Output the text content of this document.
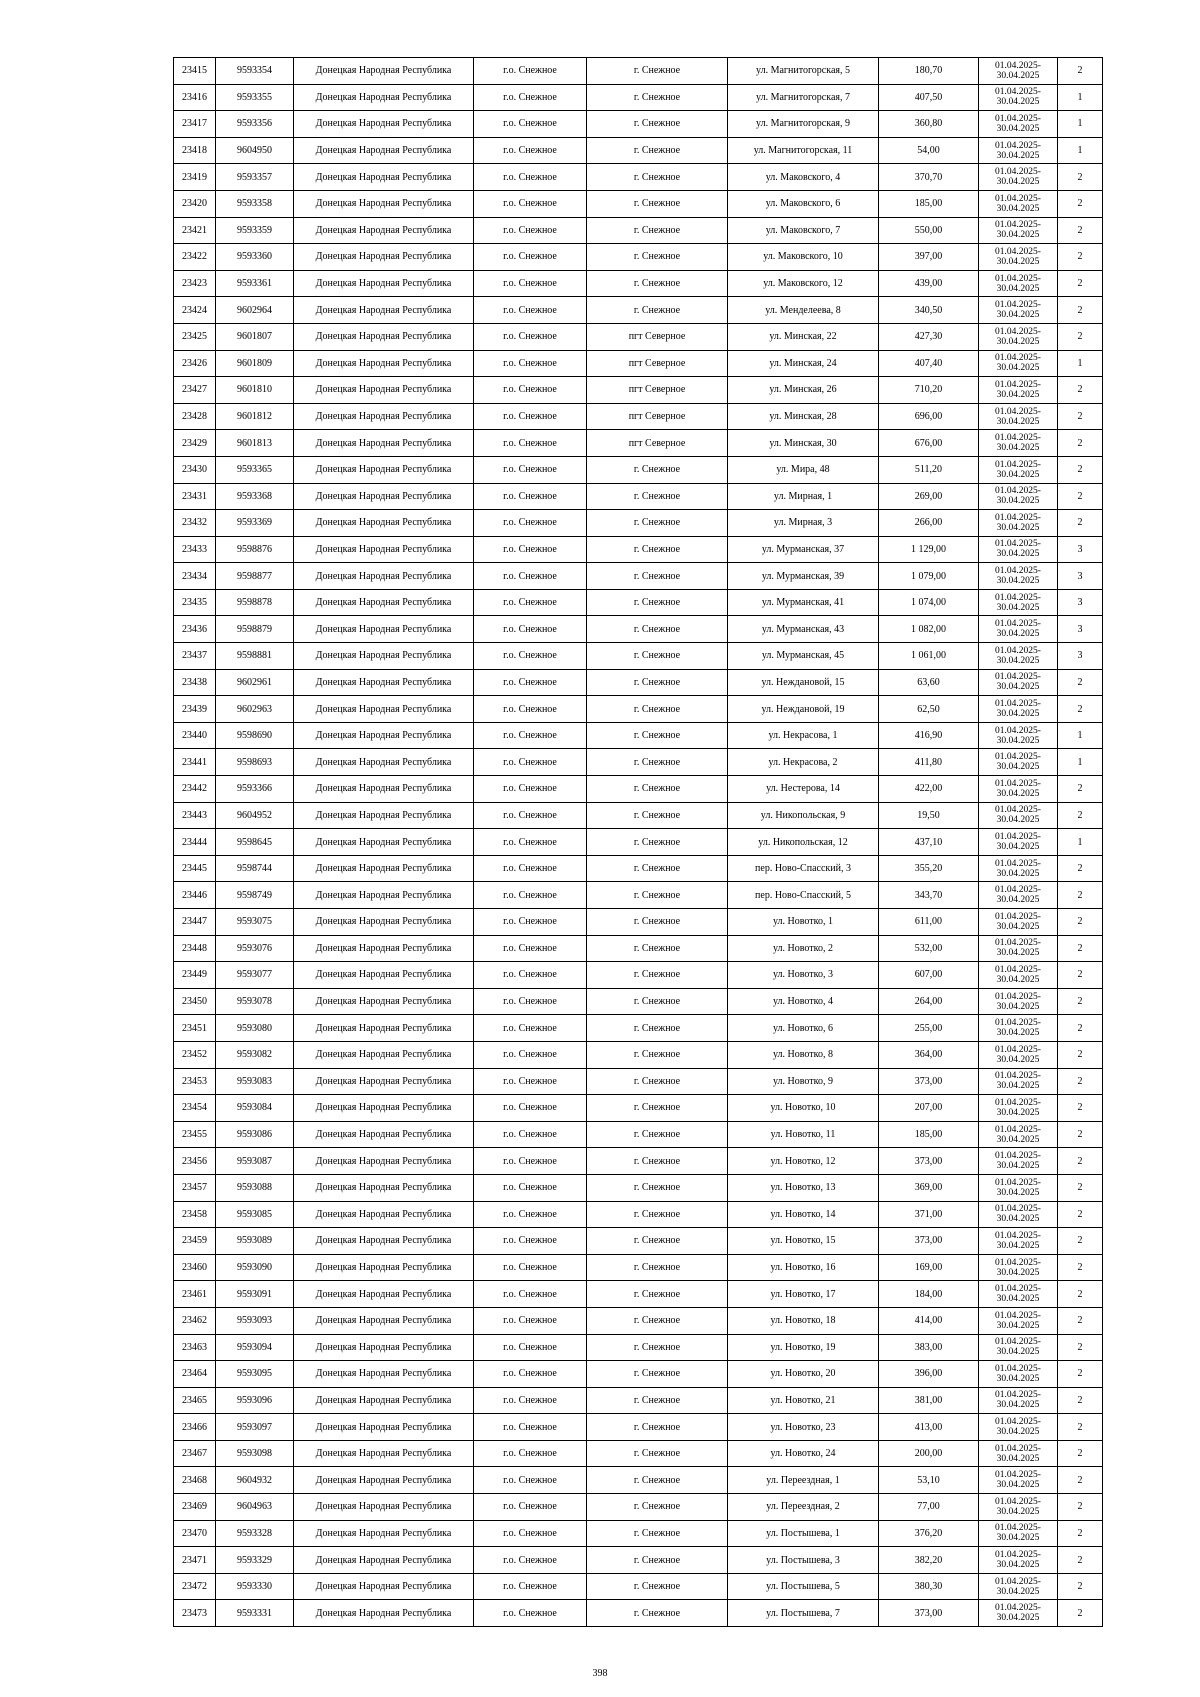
23415	9593354	Донецкая Народная Республика	г.о. Снежное	г. Снежное	ул. Магнитогорская, 5	180,70	01.04.2025-30.04.2025	2
23416	9593355	Донецкая Народная Республика	г.о. Снежное	г. Снежное	ул. Магнитогорская, 7	407,50	01.04.2025-30.04.2025	1
23417	9593356	Донецкая Народная Республика	г.о. Снежное	г. Снежное	ул. Магнитогорская, 9	360,80	01.04.2025-30.04.2025	1
23418	9604950	Донецкая Народная Республика	г.о. Снежное	г. Снежное	ул. Магнитогорская, 11	54,00	01.04.2025-30.04.2025	1
23419	9593357	Донецкая Народная Республика	г.о. Снежное	г. Снежное	ул. Маковского, 4	370,70	01.04.2025-30.04.2025	2
23420	9593358	Донецкая Народная Республика	г.о. Снежное	г. Снежное	ул. Маковского, 6	185,00	01.04.2025-30.04.2025	2
23421	9593359	Донецкая Народная Республика	г.о. Снежное	г. Снежное	ул. Маковского, 7	550,00	01.04.2025-30.04.2025	2
23422	9593360	Донецкая Народная Республика	г.о. Снежное	г. Снежное	ул. Маковского, 10	397,00	01.04.2025-30.04.2025	2
23423	9593361	Донецкая Народная Республика	г.о. Снежное	г. Снежное	ул. Маковского, 12	439,00	01.04.2025-30.04.2025	2
23424	9602964	Донецкая Народная Республика	г.о. Снежное	г. Снежное	ул. Менделеева, 8	340,50	01.04.2025-30.04.2025	2
23425	9601807	Донецкая Народная Республика	г.о. Снежное	пгт Северное	ул. Минская, 22	427,30	01.04.2025-30.04.2025	2
23426	9601809	Донецкая Народная Республика	г.о. Снежное	пгт Северное	ул. Минская, 24	407,40	01.04.2025-30.04.2025	1
23427	9601810	Донецкая Народная Республика	г.о. Снежное	пгт Северное	ул. Минская, 26	710,20	01.04.2025-30.04.2025	2
23428	9601812	Донецкая Народная Республика	г.о. Снежное	пгт Северное	ул. Минская, 28	696,00	01.04.2025-30.04.2025	2
23429	9601813	Донецкая Народная Республика	г.о. Снежное	пгт Северное	ул. Минская, 30	676,00	01.04.2025-30.04.2025	2
23430	9593365	Донецкая Народная Республика	г.о. Снежное	г. Снежное	ул. Мира, 48	511,20	01.04.2025-30.04.2025	2
23431	9593368	Донецкая Народная Республика	г.о. Снежное	г. Снежное	ул. Мирная, 1	269,00	01.04.2025-30.04.2025	2
23432	9593369	Донецкая Народная Республика	г.о. Снежное	г. Снежное	ул. Мирная, 3	266,00	01.04.2025-30.04.2025	2
23433	9598876	Донецкая Народная Республика	г.о. Снежное	г. Снежное	ул. Мурманская, 37	1 129,00	01.04.2025-30.04.2025	3
23434	9598877	Донецкая Народная Республика	г.о. Снежное	г. Снежное	ул. Мурманская, 39	1 079,00	01.04.2025-30.04.2025	3
23435	9598878	Донецкая Народная Республика	г.о. Снежное	г. Снежное	ул. Мурманская, 41	1 074,00	01.04.2025-30.04.2025	3
23436	9598879	Донецкая Народная Республика	г.о. Снежное	г. Снежное	ул. Мурманская, 43	1 082,00	01.04.2025-30.04.2025	3
23437	9598881	Донецкая Народная Республика	г.о. Снежное	г. Снежное	ул. Мурманская, 45	1 061,00	01.04.2025-30.04.2025	3
23438	9602961	Донецкая Народная Республика	г.о. Снежное	г. Снежное	ул. Неждановой, 15	63,60	01.04.2025-30.04.2025	2
23439	9602963	Донецкая Народная Республика	г.о. Снежное	г. Снежное	ул. Неждановой, 19	62,50	01.04.2025-30.04.2025	2
23440	9598690	Донецкая Народная Республика	г.о. Снежное	г. Снежное	ул. Некрасова, 1	416,90	01.04.2025-30.04.2025	1
23441	9598693	Донецкая Народная Республика	г.о. Снежное	г. Снежное	ул. Некрасова, 2	411,80	01.04.2025-30.04.2025	1
23442	9593366	Донецкая Народная Республика	г.о. Снежное	г. Снежное	ул. Нестерова, 14	422,00	01.04.2025-30.04.2025	2
23443	9604952	Донецкая Народная Республика	г.о. Снежное	г. Снежное	ул. Никопольская, 9	19,50	01.04.2025-30.04.2025	2
23444	9598645	Донецкая Народная Республика	г.о. Снежное	г. Снежное	ул. Никопольская, 12	437,10	01.04.2025-30.04.2025	1
23445	9598744	Донецкая Народная Республика	г.о. Снежное	г. Снежное	пер. Ново-Спасский, 3	355,20	01.04.2025-30.04.2025	2
23446	9598749	Донецкая Народная Республика	г.о. Снежное	г. Снежное	пер. Ново-Спасский, 5	343,70	01.04.2025-30.04.2025	2
23447	9593075	Донецкая Народная Республика	г.о. Снежное	г. Снежное	ул. Новотко, 1	611,00	01.04.2025-30.04.2025	2
23448	9593076	Донецкая Народная Республика	г.о. Снежное	г. Снежное	ул. Новотко, 2	532,00	01.04.2025-30.04.2025	2
23449	9593077	Донецкая Народная Республика	г.о. Снежное	г. Снежное	ул. Новотко, 3	607,00	01.04.2025-30.04.2025	2
23450	9593078	Донецкая Народная Республика	г.о. Снежное	г. Снежное	ул. Новотко, 4	264,00	01.04.2025-30.04.2025	2
23451	9593080	Донецкая Народная Республика	г.о. Снежное	г. Снежное	ул. Новотко, 6	255,00	01.04.2025-30.04.2025	2
23452	9593082	Донецкая Народная Республика	г.о. Снежное	г. Снежное	ул. Новотко, 8	364,00	01.04.2025-30.04.2025	2
23453	9593083	Донецкая Народная Республика	г.о. Снежное	г. Снежное	ул. Новотко, 9	373,00	01.04.2025-30.04.2025	2
23454	9593084	Донецкая Народная Республика	г.о. Снежное	г. Снежное	ул. Новотко, 10	207,00	01.04.2025-30.04.2025	2
23455	9593086	Донецкая Народная Республика	г.о. Снежное	г. Снежное	ул. Новотко, 11	185,00	01.04.2025-30.04.2025	2
23456	9593087	Донецкая Народная Республика	г.о. Снежное	г. Снежное	ул. Новотко, 12	373,00	01.04.2025-30.04.2025	2
23457	9593088	Донецкая Народная Республика	г.о. Снежное	г. Снежное	ул. Новотко, 13	369,00	01.04.2025-30.04.2025	2
23458	9593085	Донецкая Народная Республика	г.о. Снежное	г. Снежное	ул. Новотко, 14	371,00	01.04.2025-30.04.2025	2
23459	9593089	Донецкая Народная Республика	г.о. Снежное	г. Снежное	ул. Новотко, 15	373,00	01.04.2025-30.04.2025	2
23460	9593090	Донецкая Народная Республика	г.о. Снежное	г. Снежное	ул. Новотко, 16	169,00	01.04.2025-30.04.2025	2
23461	9593091	Донецкая Народная Республика	г.о. Снежное	г. Снежное	ул. Новотко, 17	184,00	01.04.2025-30.04.2025	2
23462	9593093	Донецкая Народная Республика	г.о. Снежное	г. Снежное	ул. Новотко, 18	414,00	01.04.2025-30.04.2025	2
23463	9593094	Донецкая Народная Республика	г.о. Снежное	г. Снежное	ул. Новотко, 19	383,00	01.04.2025-30.04.2025	2
23464	9593095	Донецкая Народная Республика	г.о. Снежное	г. Снежное	ул. Новотко, 20	396,00	01.04.2025-30.04.2025	2
23465	9593096	Донецкая Народная Республика	г.о. Снежное	г. Снежное	ул. Новотко, 21	381,00	01.04.2025-30.04.2025	2
23466	9593097	Донецкая Народная Республика	г.о. Снежное	г. Снежное	ул. Новотко, 23	413,00	01.04.2025-30.04.2025	2
23467	9593098	Донецкая Народная Республика	г.о. Снежное	г. Снежное	ул. Новотко, 24	200,00	01.04.2025-30.04.2025	2
23468	9604932	Донецкая Народная Республика	г.о. Снежное	г. Снежное	ул. Переездная, 1	53,10	01.04.2025-30.04.2025	2
23469	9604963	Донецкая Народная Республика	г.о. Снежное	г. Снежное	ул. Переездная, 2	77,00	01.04.2025-30.04.2025	2
23470	9593328	Донецкая Народная Республика	г.о. Снежное	г. Снежное	ул. Постышева, 1	376,20	01.04.2025-30.04.2025	2
23471	9593329	Донецкая Народная Республика	г.о. Снежное	г. Снежное	ул. Постышева, 3	382,20	01.04.2025-30.04.2025	2
23472	9593330	Донецкая Народная Республика	г.о. Снежное	г. Снежное	ул. Постышева, 5	380,30	01.04.2025-30.04.2025	2
23473	9593331	Донецкая Народная Республика	г.о. Снежное	г. Снежное	ул. Постышева, 7	373,00	01.04.2025-30.04.2025	2
398
